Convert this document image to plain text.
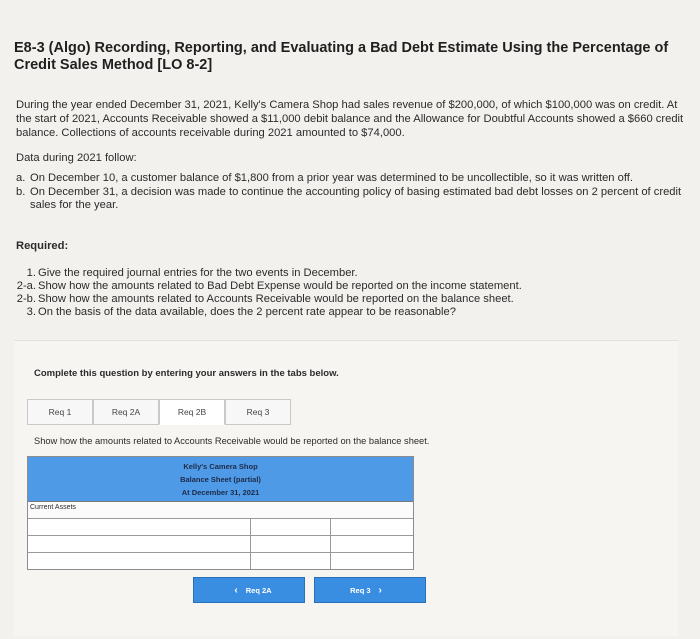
E8-3 (Algo) Recording, Reporting, and Evaluating a Bad Debt Estimate Using the Percentage of Credit Sales Method [LO 8-2]
During the year ended December 31, 2021, Kelly's Camera Shop had sales revenue of $200,000, of which $100,000 was on credit. At the start of 2021, Accounts Receivable showed a $11,000 debit balance and the Allowance for Doubtful Accounts showed a $660 credit balance. Collections of accounts receivable during 2021 amounted to $74,000.
Data during 2021 follow:
a. On December 10, a customer balance of $1,800 from a prior year was determined to be uncollectible, so it was written off.
b. On December 31, a decision was made to continue the accounting policy of basing estimated bad debt losses on 2 percent of credit sales for the year.
Required:
1. Give the required journal entries for the two events in December.
2-a. Show how the amounts related to Bad Debt Expense would be reported on the income statement.
2-b. Show how the amounts related to Accounts Receivable would be reported on the balance sheet.
3. On the basis of the data available, does the 2 percent rate appear to be reasonable?
Complete this question by entering your answers in the tabs below.
Req 1	Req 2A	Req 2B	Req 3
Show how the amounts related to Accounts Receivable would be reported on the balance sheet.
Kelly's Camera Shop
Balance Sheet (partial)
At December 31, 2021
Current Assets
‹ Req 2A	Req 3 ›
